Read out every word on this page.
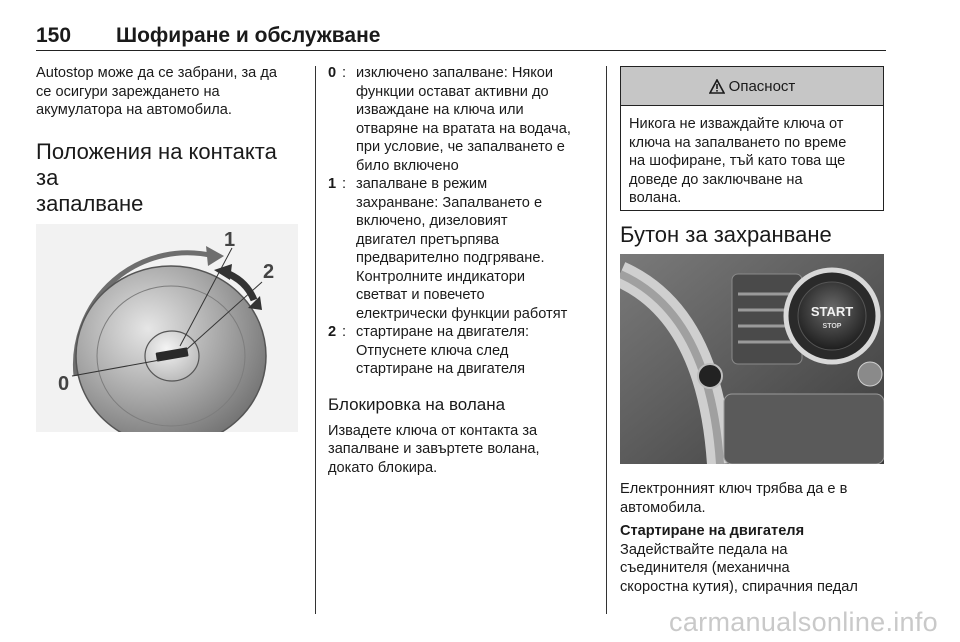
150 Шофиране и обслужване

Autostop може да се забрани, за да
се осигури зареждането на
акумулатора на автомобила.

Положения на контакта за
запалване

0
1
2
0 : изключено запалване: Някои
функции остават активни до
изваждане на ключа или
отваряне на вратата на водача,
при условие, че запалването е
било включено
1 : запалване в режим
захранване: Запалването е
включено, дизеловият
двигател претърпява
предварително подгряване.
Контролните индикатори
светват и повечето
електрически функции работят
2 : стартиране на двигателя:
Отпуснете ключа след
стартиране на двигателя
Блокировка на волана

Извадете ключа от контакта за
запалване и завъртете волана,
докато блокира.

Опасност
Никога не изваждайте ключа от
ключа на запалването по време
на шофиране, тъй като това ще
доведе до заключване на
волана.
Бутон за захранване
START
STOP

Електронният ключ трябва да е в
автомобила.

Стартиране на двигателя

Задействайте педала на
съединителя (механична
скоростна кутия), спирачния педал

carmanualsonline.info
